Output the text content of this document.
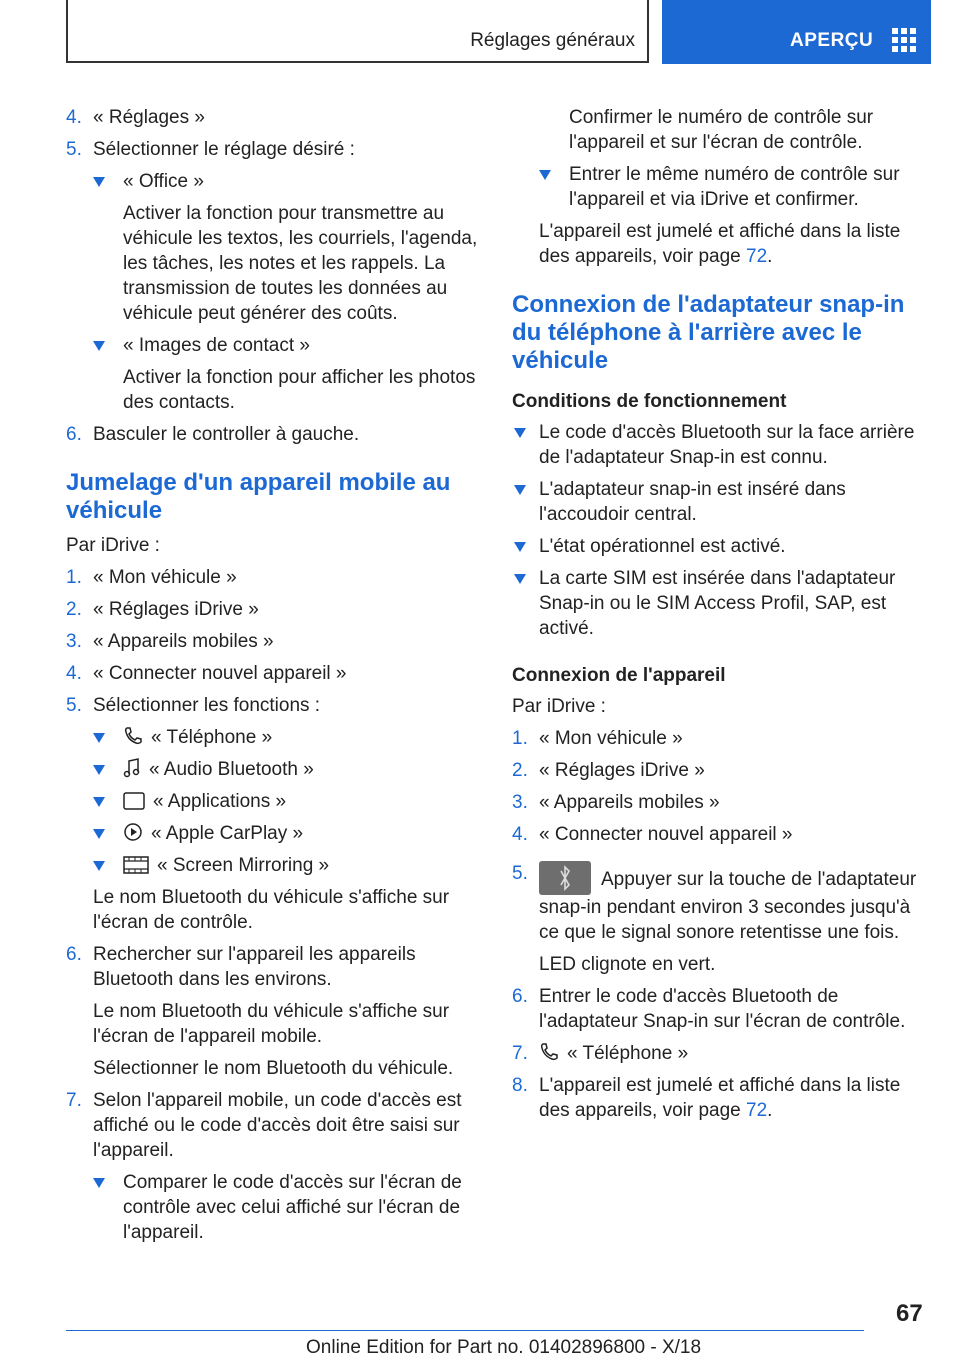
Réglages généraux	APERÇU
4. « Réglages »
5. Sélectionner le réglage désiré :
« Office »
Activer la fonction pour transmettre au véhicule les textos, les courriels, l'agenda, les tâches, les notes et les rappels. La transmission de toutes les données au véhicule peut générer des coûts.
« Images de contact »
Activer la fonction pour afficher les photos des contacts.
6. Basculer le controller à gauche.
Jumelage d'un appareil mobile au véhicule
Par iDrive :
1. « Mon véhicule »
2. « Réglages iDrive »
3. « Appareils mobiles »
4. « Connecter nouvel appareil »
5. Sélectionner les fonctions :
« Téléphone »
« Audio Bluetooth »
« Applications »
« Apple CarPlay »
« Screen Mirroring »
Le nom Bluetooth du véhicule s'affiche sur l'écran de contrôle.
6. Rechercher sur l'appareil les appareils Bluetooth dans les environs.
Le nom Bluetooth du véhicule s'affiche sur l'écran de l'appareil mobile.
Sélectionner le nom Bluetooth du véhicule.
7. Selon l'appareil mobile, un code d'accès est affiché ou le code d'accès doit être saisi sur l'appareil.
Comparer le code d'accès sur l'écran de contrôle avec celui affiché sur l'écran de l'appareil.
Confirmer le numéro de contrôle sur l'appareil et sur l'écran de contrôle.
Entrer le même numéro de contrôle sur l'appareil et via iDrive et confirmer.
L'appareil est jumelé et affiché dans la liste des appareils, voir page 72.
Connexion de l'adaptateur snap-in du téléphone à l'arrière avec le véhicule
Conditions de fonctionnement
Le code d'accès Bluetooth sur la face arrière de l'adaptateur Snap-in est connu.
L'adaptateur snap-in est inséré dans l'accoudoir central.
L'état opérationnel est activé.
La carte SIM est insérée dans l'adaptateur Snap-in ou le SIM Access Profil, SAP, est activé.
Connexion de l'appareil
Par iDrive :
1. « Mon véhicule »
2. « Réglages iDrive »
3. « Appareils mobiles »
4. « Connecter nouvel appareil »
5.	Appuyer sur la touche de l'adaptateur snap-in pendant environ 3 secondes jusqu'à ce que le signal sonore retentisse une fois.
LED clignote en vert.
6. Entrer le code d'accès Bluetooth de l'adaptateur Snap-in sur l'écran de contrôle.
7. « Téléphone »
8. L'appareil est jumelé et affiché dans la liste des appareils, voir page 72.
67
Online Edition for Part no. 01402896800 - X/18
